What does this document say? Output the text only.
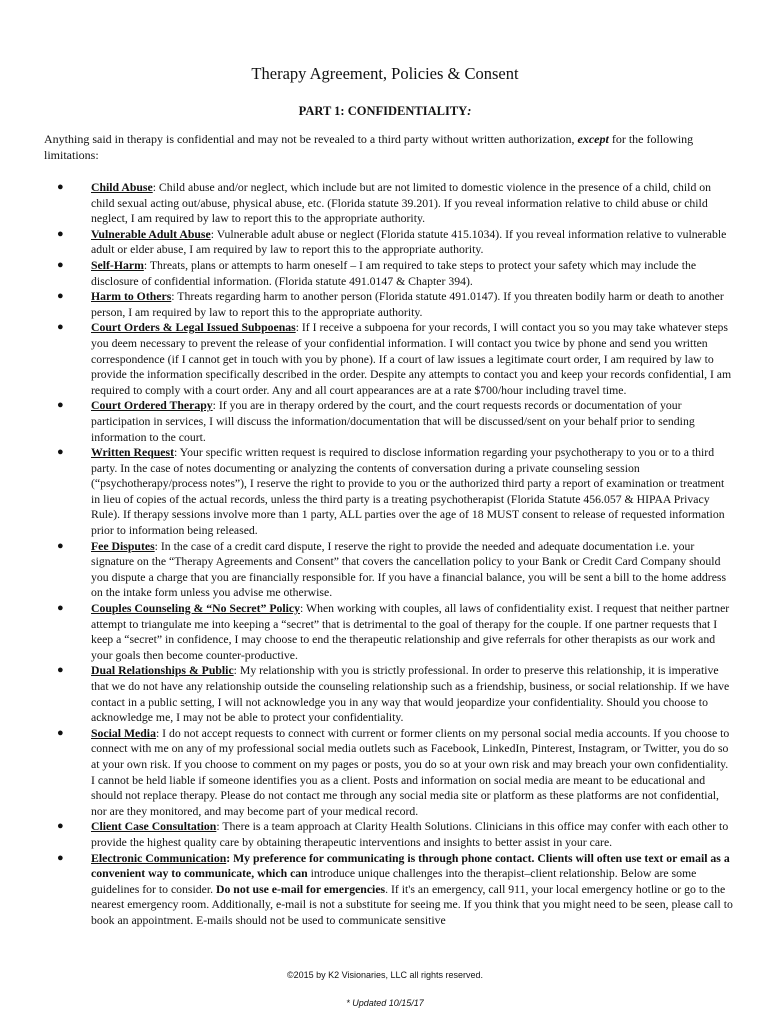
Therapy Agreement, Policies & Consent
PART 1: CONFIDENTIALITY:
Anything said in therapy is confidential and may not be revealed to a third party without written authorization, except for the following limitations:
● Child Abuse: Child abuse and/or neglect, which include but are not limited to domestic violence in the presence of a child, child on child sexual acting out/abuse, physical abuse, etc. (Florida statute 39.201). If you reveal information relative to child abuse or child neglect, I am required by law to report this to the appropriate authority.
● Vulnerable Adult Abuse: Vulnerable adult abuse or neglect (Florida statute 415.1034). If you reveal information relative to vulnerable adult or elder abuse, I am required by law to report this to the appropriate authority.
● Self-Harm: Threats, plans or attempts to harm oneself – I am required to take steps to protect your safety which may include the disclosure of confidential information. (Florida statute 491.0147 & Chapter 394).
● Harm to Others: Threats regarding harm to another person (Florida statute 491.0147). If you threaten bodily harm or death to another person, I am required by law to report this to the appropriate authority.
● Court Orders & Legal Issued Subpoenas: If I receive a subpoena for your records, I will contact you so you may take whatever steps you deem necessary to prevent the release of your confidential information. I will contact you twice by phone and send you written correspondence (if I cannot get in touch with you by phone). If a court of law issues a legitimate court order, I am required by law to provide the information specifically described in the order. Despite any attempts to contact you and keep your records confidential, I am required to comply with a court order. Any and all court appearances are at a rate $700/hour including travel time.
● Court Ordered Therapy: If you are in therapy ordered by the court, and the court requests records or documentation of your participation in services, I will discuss the information/documentation that will be discussed/sent on your behalf prior to sending information to the court.
● Written Request: Your specific written request is required to disclose information regarding your psychotherapy to you or to a third party. In the case of notes documenting or analyzing the contents of conversation during a private counseling session (“psychotherapy/process notes”), I reserve the right to provide to you or the authorized third party a report of examination or treatment in lieu of copies of the actual records, unless the third party is a treating psychotherapist (Florida Statute 456.057 & HIPAA Privacy Rule). If therapy sessions involve more than 1 party, ALL parties over the age of 18 MUST consent to release of requested information prior to information being released.
● Fee Disputes: In the case of a credit card dispute, I reserve the right to provide the needed and adequate documentation i.e. your signature on the “Therapy Agreements and Consent” that covers the cancellation policy to your Bank or Credit Card Company should you dispute a charge that you are financially responsible for. If you have a financial balance, you will be sent a bill to the home address on the intake form unless you advise me otherwise.
● Couples Counseling & “No Secret” Policy: When working with couples, all laws of confidentiality exist. I request that neither partner attempt to triangulate me into keeping a “secret” that is detrimental to the goal of therapy for the couple. If one partner requests that I keep a “secret” in confidence, I may choose to end the therapeutic relationship and give referrals for other therapists as our work and your goals then become counter-productive.
● Dual Relationships & Public: My relationship with you is strictly professional. In order to preserve this relationship, it is imperative that we do not have any relationship outside the counseling relationship such as a friendship, business, or social relationship. If we have contact in a public setting, I will not acknowledge you in any way that would jeopardize your confidentiality. Should you choose to acknowledge me, I may not be able to protect your confidentiality.
● Social Media: I do not accept requests to connect with current or former clients on my personal social media accounts. If you choose to connect with me on any of my professional social media outlets such as Facebook, LinkedIn, Pinterest, Instagram, or Twitter, you do so at your own risk. If you choose to comment on my pages or posts, you do so at your own risk and may breach your own confidentiality. I cannot be held liable if someone identifies you as a client. Posts and information on social media are meant to be educational and should not replace therapy. Please do not contact me through any social media site or platform as these platforms are not confidential, nor are they monitored, and may become part of your medical record.
● Client Case Consultation: There is a team approach at Clarity Health Solutions. Clinicians in this office may confer with each other to provide the highest quality care by obtaining therapeutic interventions and insights to better assist in your care.
● Electronic Communication: My preference for communicating is through phone contact. Clients will often use text or email as a convenient way to communicate, which can introduce unique challenges into the therapist–client relationship. Below are some guidelines for to consider. Do not use e-mail for emergencies. If it's an emergency, call 911, your local emergency hotline or go to the nearest emergency room. Additionally, e-mail is not a substitute for seeing me. If you think that you might need to be seen, please call to book an appointment. E-mails should not be used to communicate sensitive
©2015 by K2 Visionaries, LLC all rights reserved.
* Updated 10/15/17
